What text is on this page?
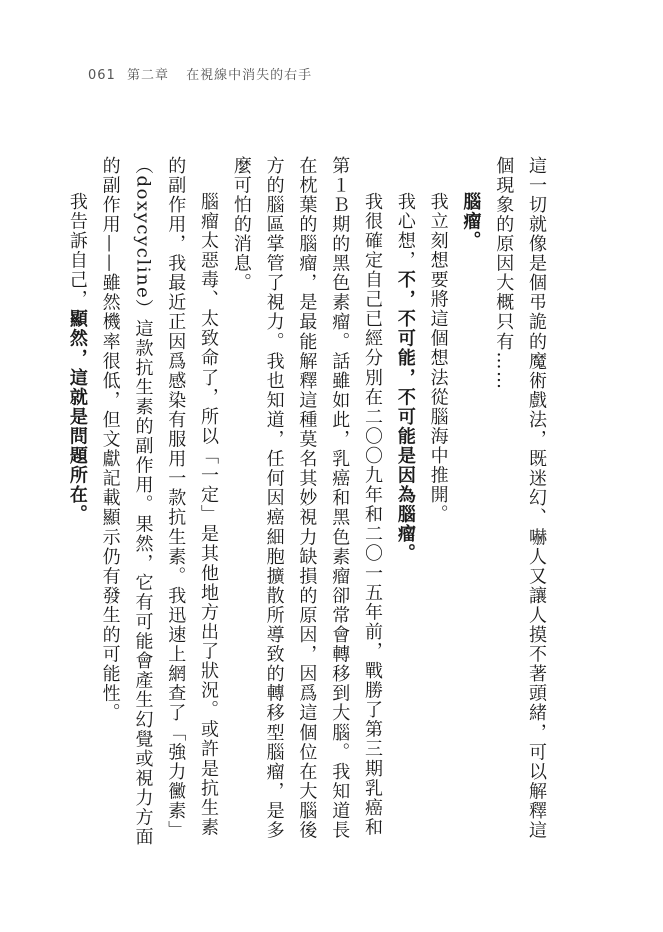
061 第二章 在視線中消失的右手

這一切就像是個弔詭的魔術戲法，既迷幻、嚇人又讓人摸不著頭緒，可以解釋這個現象的原因大概只有……

腦瘤。

我立刻想要將這個想法從腦海中推開。

我心想，不，不可能，不可能是因為腦瘤。

我很確定自己已經分別在二〇〇九年和二〇一五年前，戰勝了第三期乳癌和第１Ｂ期的黑色素瘤。話雖如此，乳癌和黑色素瘤卻常會轉移到大腦。我知道長在枕葉的腦瘤，是最能解釋這種莫名其妙視力缺損的原因，因爲這個位在大腦後方的腦區掌管了視力。我也知道，任何因癌細胞擴散所導致的轉移型腦瘤，是多麼可怕的消息。

腦瘤太惡毒、太致命了，所以「一定」是其他地方出了狀況。或許是抗生素的副作用，我最近正因爲感染有服用一款抗生素。我迅速上網查了「強力黴素」（doxycycline）這款抗生素的副作用。果然，它有可能會產生幻覺或視力方面的副作用——雖然機率很低，但文獻記載顯示仍有發生的可能性。

我告訴自己，顯然，這就是問題所在。
